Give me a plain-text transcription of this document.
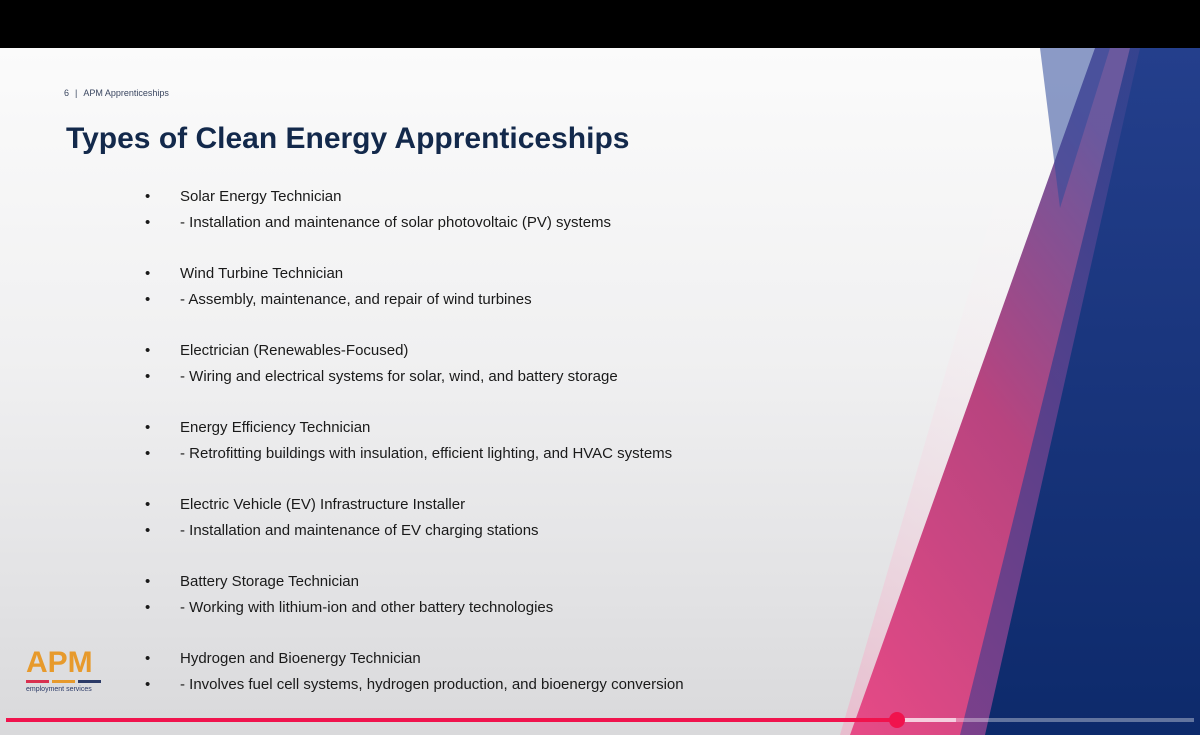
6 | APM Apprenticeships
Types of Clean Energy Apprenticeships
•	Solar Energy Technician
•	- Installation and maintenance of solar photovoltaic (PV) systems
•	Wind Turbine Technician
•	- Assembly, maintenance, and repair of wind turbines
•	Electrician (Renewables-Focused)
•	- Wiring and electrical systems for solar, wind, and battery storage
•	Energy Efficiency Technician
•	- Retrofitting buildings with insulation, efficient lighting, and HVAC systems
•	Electric Vehicle (EV) Infrastructure Installer
•	- Installation and maintenance of EV charging stations
•	Battery Storage Technician
•	- Working with lithium-ion and other battery technologies
•	Hydrogen and Bioenergy Technician
•	- Involves fuel cell systems, hydrogen production, and bioenergy conversion
APM
employment services
